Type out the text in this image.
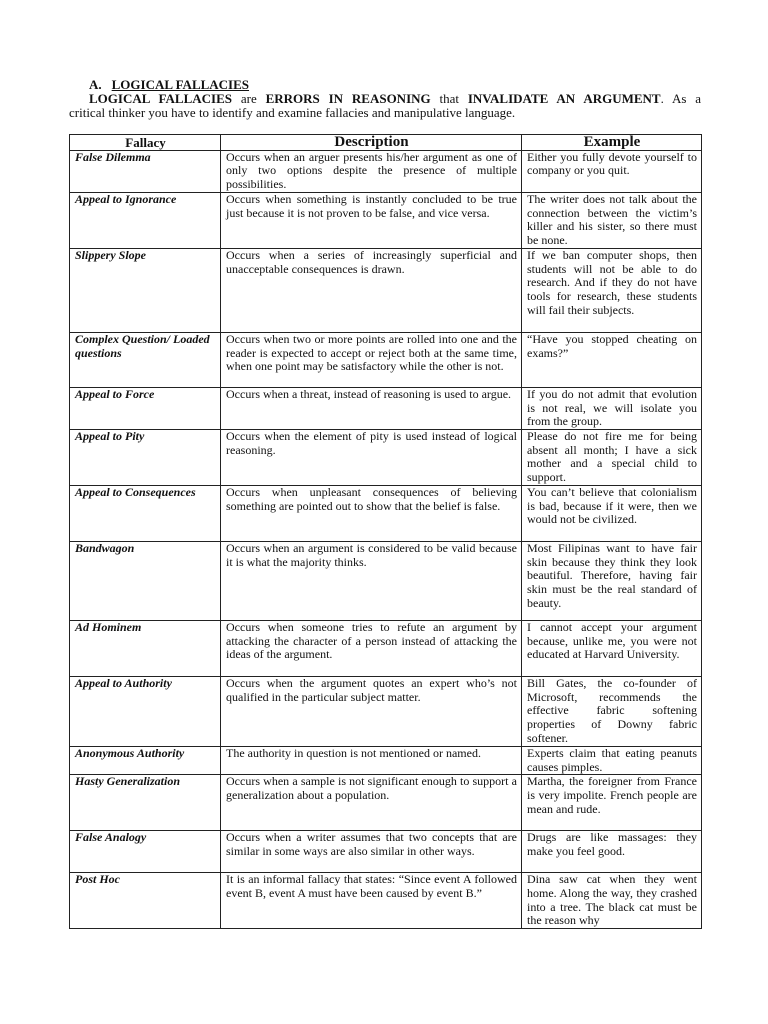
A. LOGICAL FALLACIES
LOGICAL FALLACIES are ERRORS IN REASONING that INVALIDATE AN ARGUMENT. As a
critical thinker you have to identify and examine fallacies and manipulative language.
Fallacy	Description	Example
False Dilemma	Occurs when an arguer presents his/her argument as one of only two options despite the presence of multiple possibilities.	Either you fully devote yourself to company or you quit.
Appeal to Ignorance	Occurs when something is instantly concluded to be true just because it is not proven to be false, and vice versa.	The writer does not talk about the connection between the victim’s killer and his sister, so there must be none.
Slippery Slope	Occurs when a series of increasingly superficial and unacceptable consequences is drawn.	If we ban computer shops, then students will not be able to do research. And if they do not have tools for research, these students will fail their subjects.
Complex Question/ Loaded questions	Occurs when two or more points are rolled into one and the reader is expected to accept or reject both at the same time, when one point may be satisfactory while the other is not.	“Have you stopped cheating on exams?”
Appeal to Force	Occurs when a threat, instead of reasoning is used to argue.	If you do not admit that evolution is not real, we will isolate you from the group.
Appeal to Pity	Occurs when the element of pity is used instead of logical reasoning.	Please do not fire me for being absent all month; I have a sick mother and a special child to support.
Appeal to Consequences	Occurs when unpleasant consequences of believing something are pointed out to show that the belief is false.	You can’t believe that colonialism is bad, because if it were, then we would not be civilized.
Bandwagon	Occurs when an argument is considered to be valid because it is what the majority thinks.	Most Filipinas want to have fair skin because they think they look beautiful. Therefore, having fair skin must be the real standard of beauty.
Ad Hominem	Occurs when someone tries to refute an argument by attacking the character of a person instead of attacking the ideas of the argument.	I cannot accept your argument because, unlike me, you were not educated at Harvard University.
Appeal to Authority	Occurs when the argument quotes an expert who’s not qualified in the particular subject matter.	Bill Gates, the co-founder of Microsoft, recommends the effective fabric softening properties of Downy fabric softener.
Anonymous Authority	The authority in question is not mentioned or named.	Experts claim that eating peanuts causes pimples.
Hasty Generalization	Occurs when a sample is not significant enough to support a generalization about a population.	Martha, the foreigner from France is very impolite. French people are mean and rude.
False Analogy	Occurs when a writer assumes that two concepts that are similar in some ways are also similar in other ways.	Drugs are like massages: they make you feel good.
Post Hoc	It is an informal fallacy that states: “Since event A followed event B, event A must have been caused by event B.”	Dina saw cat when they went home. Along the way, they crashed into a tree. The black cat must be the reason why
